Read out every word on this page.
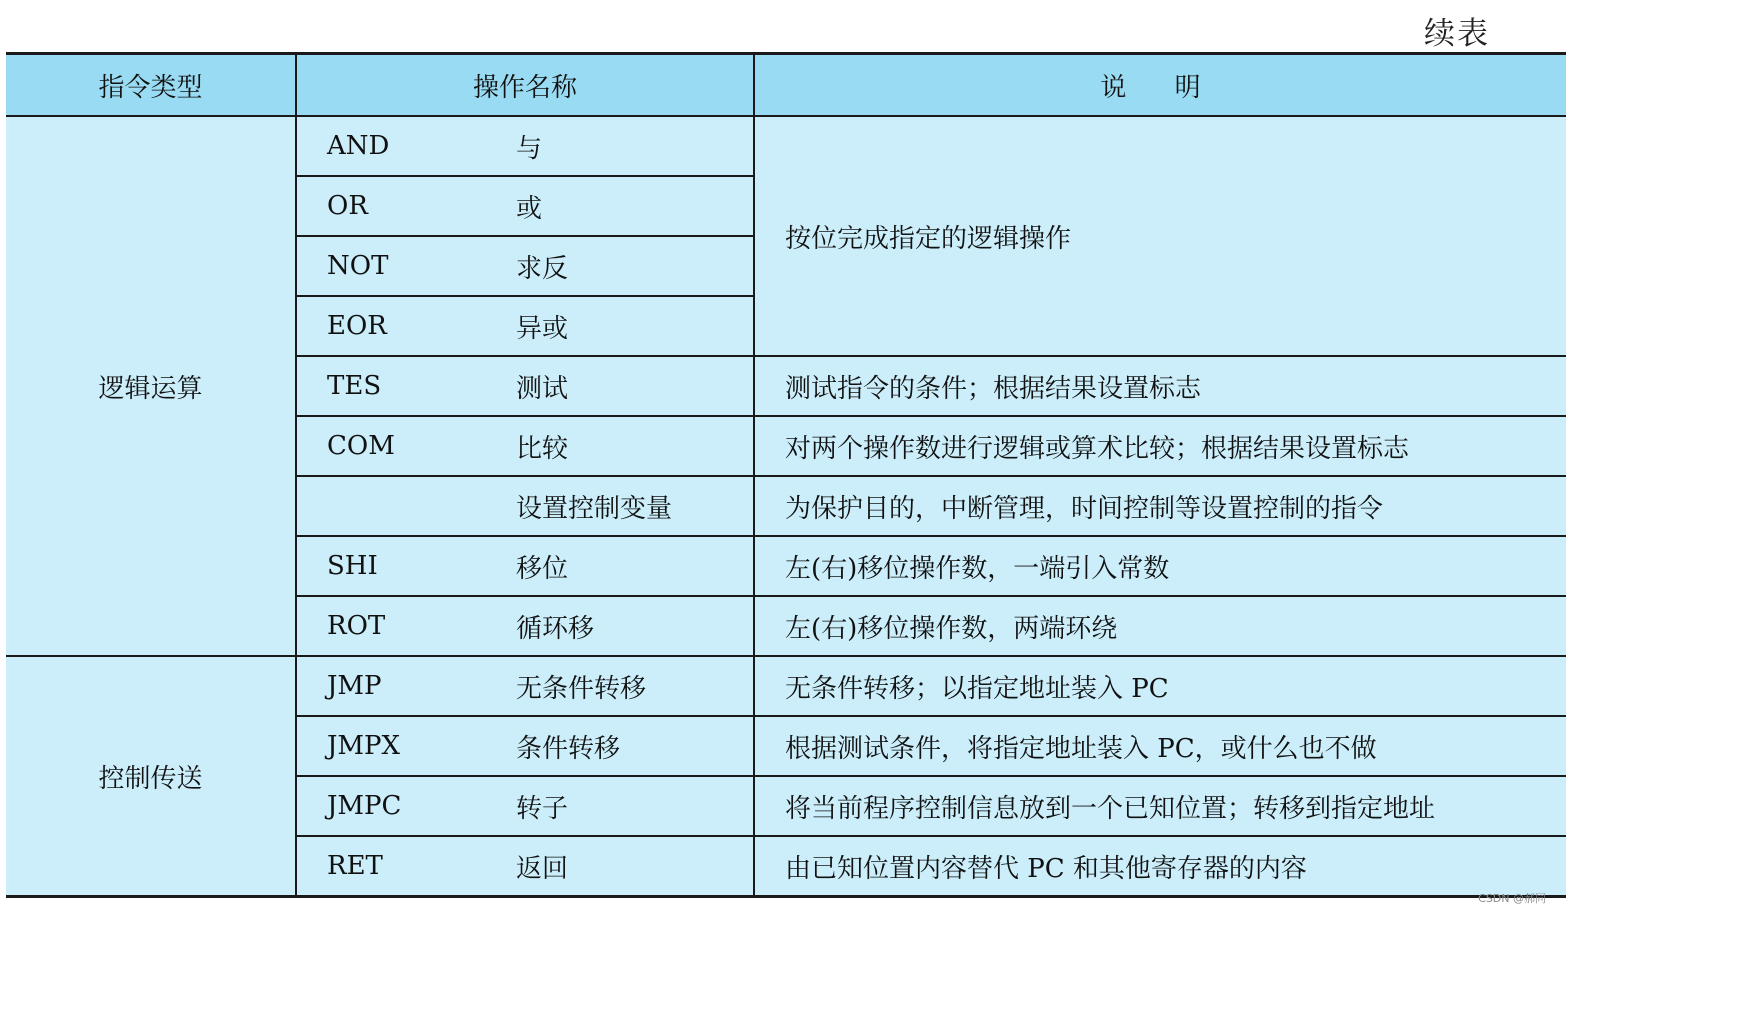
续表
指令类型	操作名称		说 明
逻辑运算	AND	与	按位完成指定的逻辑操作
	OR	或	
	NOT	求反	
	EOR	异或	
	TES	测试	测试指令的条件；根据结果设置标志
	COM	比较	对两个操作数进行逻辑或算术比较；根据结果设置标志
		设置控制变量	为保护目的，中断管理，时间控制等设置控制的指令
	SHI	移位	左(右)移位操作数，一端引入常数
	ROT	循环移	左(右)移位操作数，两端环绕
控制传送	JMP	无条件转移	无条件转移；以指定地址装入 PC
	JMPX	条件转移	根据测试条件，将指定地址装入 PC，或什么也不做
	JMPC	转子	将当前程序控制信息放到一个已知位置；转移到指定地址
	RET	返回	由已知位置内容替代 PC 和其他寄存器的内容
CSDN @郝同
